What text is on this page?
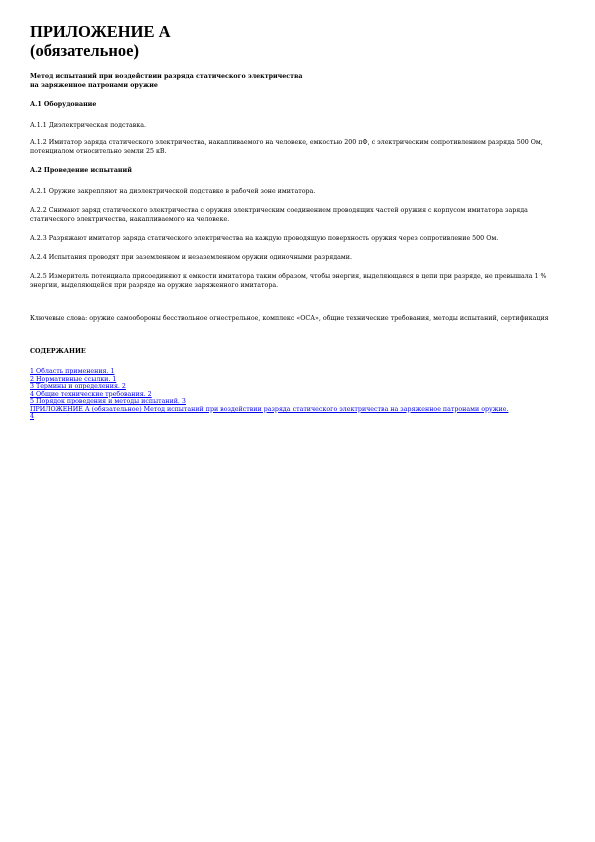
ПРИЛОЖЕНИЕ А
(обязательное)

Метод испытаний при воздействии разряда статического электричества
на заряженное патронами оружие

А.1 Оборудование

А.1.1 Диэлектрическая подставка.

А.1.2 Имитатор заряда статического электричества, накапливаемого на человеке, емкостью 200 пФ, с электрическим сопротивлением разряда 500 Ом, потенциалом относительно земли 25 кВ.

А.2 Проведение испытаний

А.2.1 Оружие закрепляют на диэлектрической подставке в рабочей зоне имитатора.

А.2.2 Снимают заряд статического электричества с оружия электрическим соединением проводящих частей оружия с корпусом имитатора заряда статического электричества, накапливаемого на человеке.

А.2.3 Разряжают имитатор заряда статического электричества на каждую проводящую поверхность оружия через сопротивление 500 Ом.

А.2.4 Испытания проводят при заземленном и незаземленном оружии одиночными разрядами.

А.2.5 Измеритель потенциала присоединяют к емкости имитатора таким образом, чтобы энергия, выделяющаяся в цепи при разряде, не превышала 1 % энергии, выделяющейся при разряде на оружие заряженного имитатора.

Ключевые слова: оружие самообороны бесствольное огнестрельное, комплекс «ОСА», общие технические требования, методы испытаний, сертификация

СОДЕРЖАНИЕ

1 Область применения. 1
2 Нормативные ссылки. 1
3 Термины и определения. 2
4 Общие технические требования. 2
5 Порядок проведения и методы испытаний. 3
ПРИЛОЖЕНИЕ А (обязательное) Метод испытаний при воздействии разряда статического электричества на заряженное патронами оружие. 4
